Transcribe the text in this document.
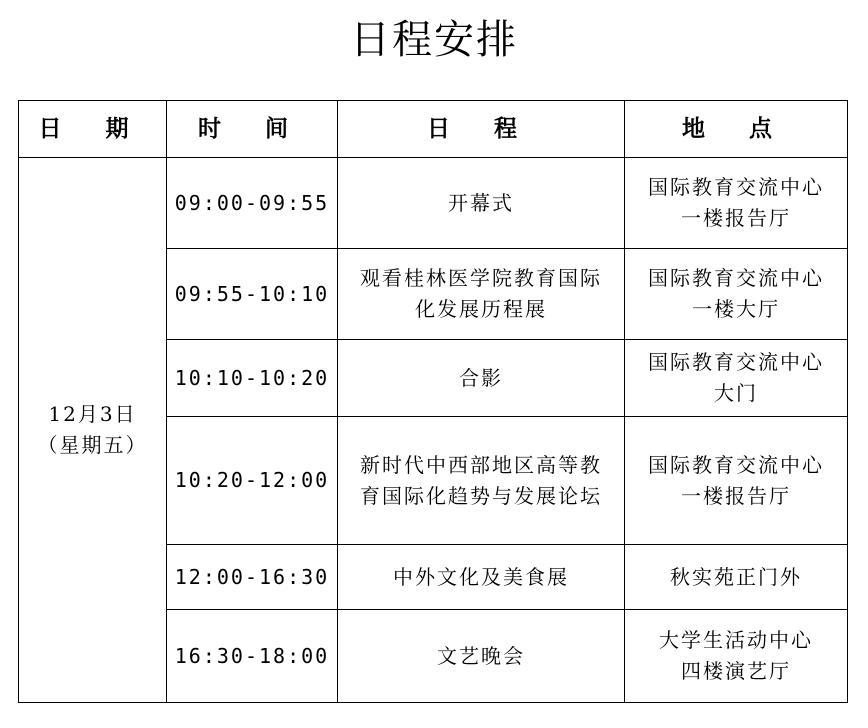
日程安排
日 期	时 间	日 程	地 点

12月3日
（星期五）	09:00-09:55	开幕式	国际教育交流中心
一楼报告厅

	09:55-10:10	观看桂林医学院教育国际
化发展历程展	国际教育交流中心
一楼大厅

	10:10-10:20	合影	国际教育交流中心
大门

	10:20-12:00	新时代中西部地区高等教
育国际化趋势与发展论坛	国际教育交流中心
一楼报告厅

	12:00-16:30	中外文化及美食展	秋实苑正门外

	16:30-18:00	文艺晚会	大学生活动中心
四楼演艺厅
